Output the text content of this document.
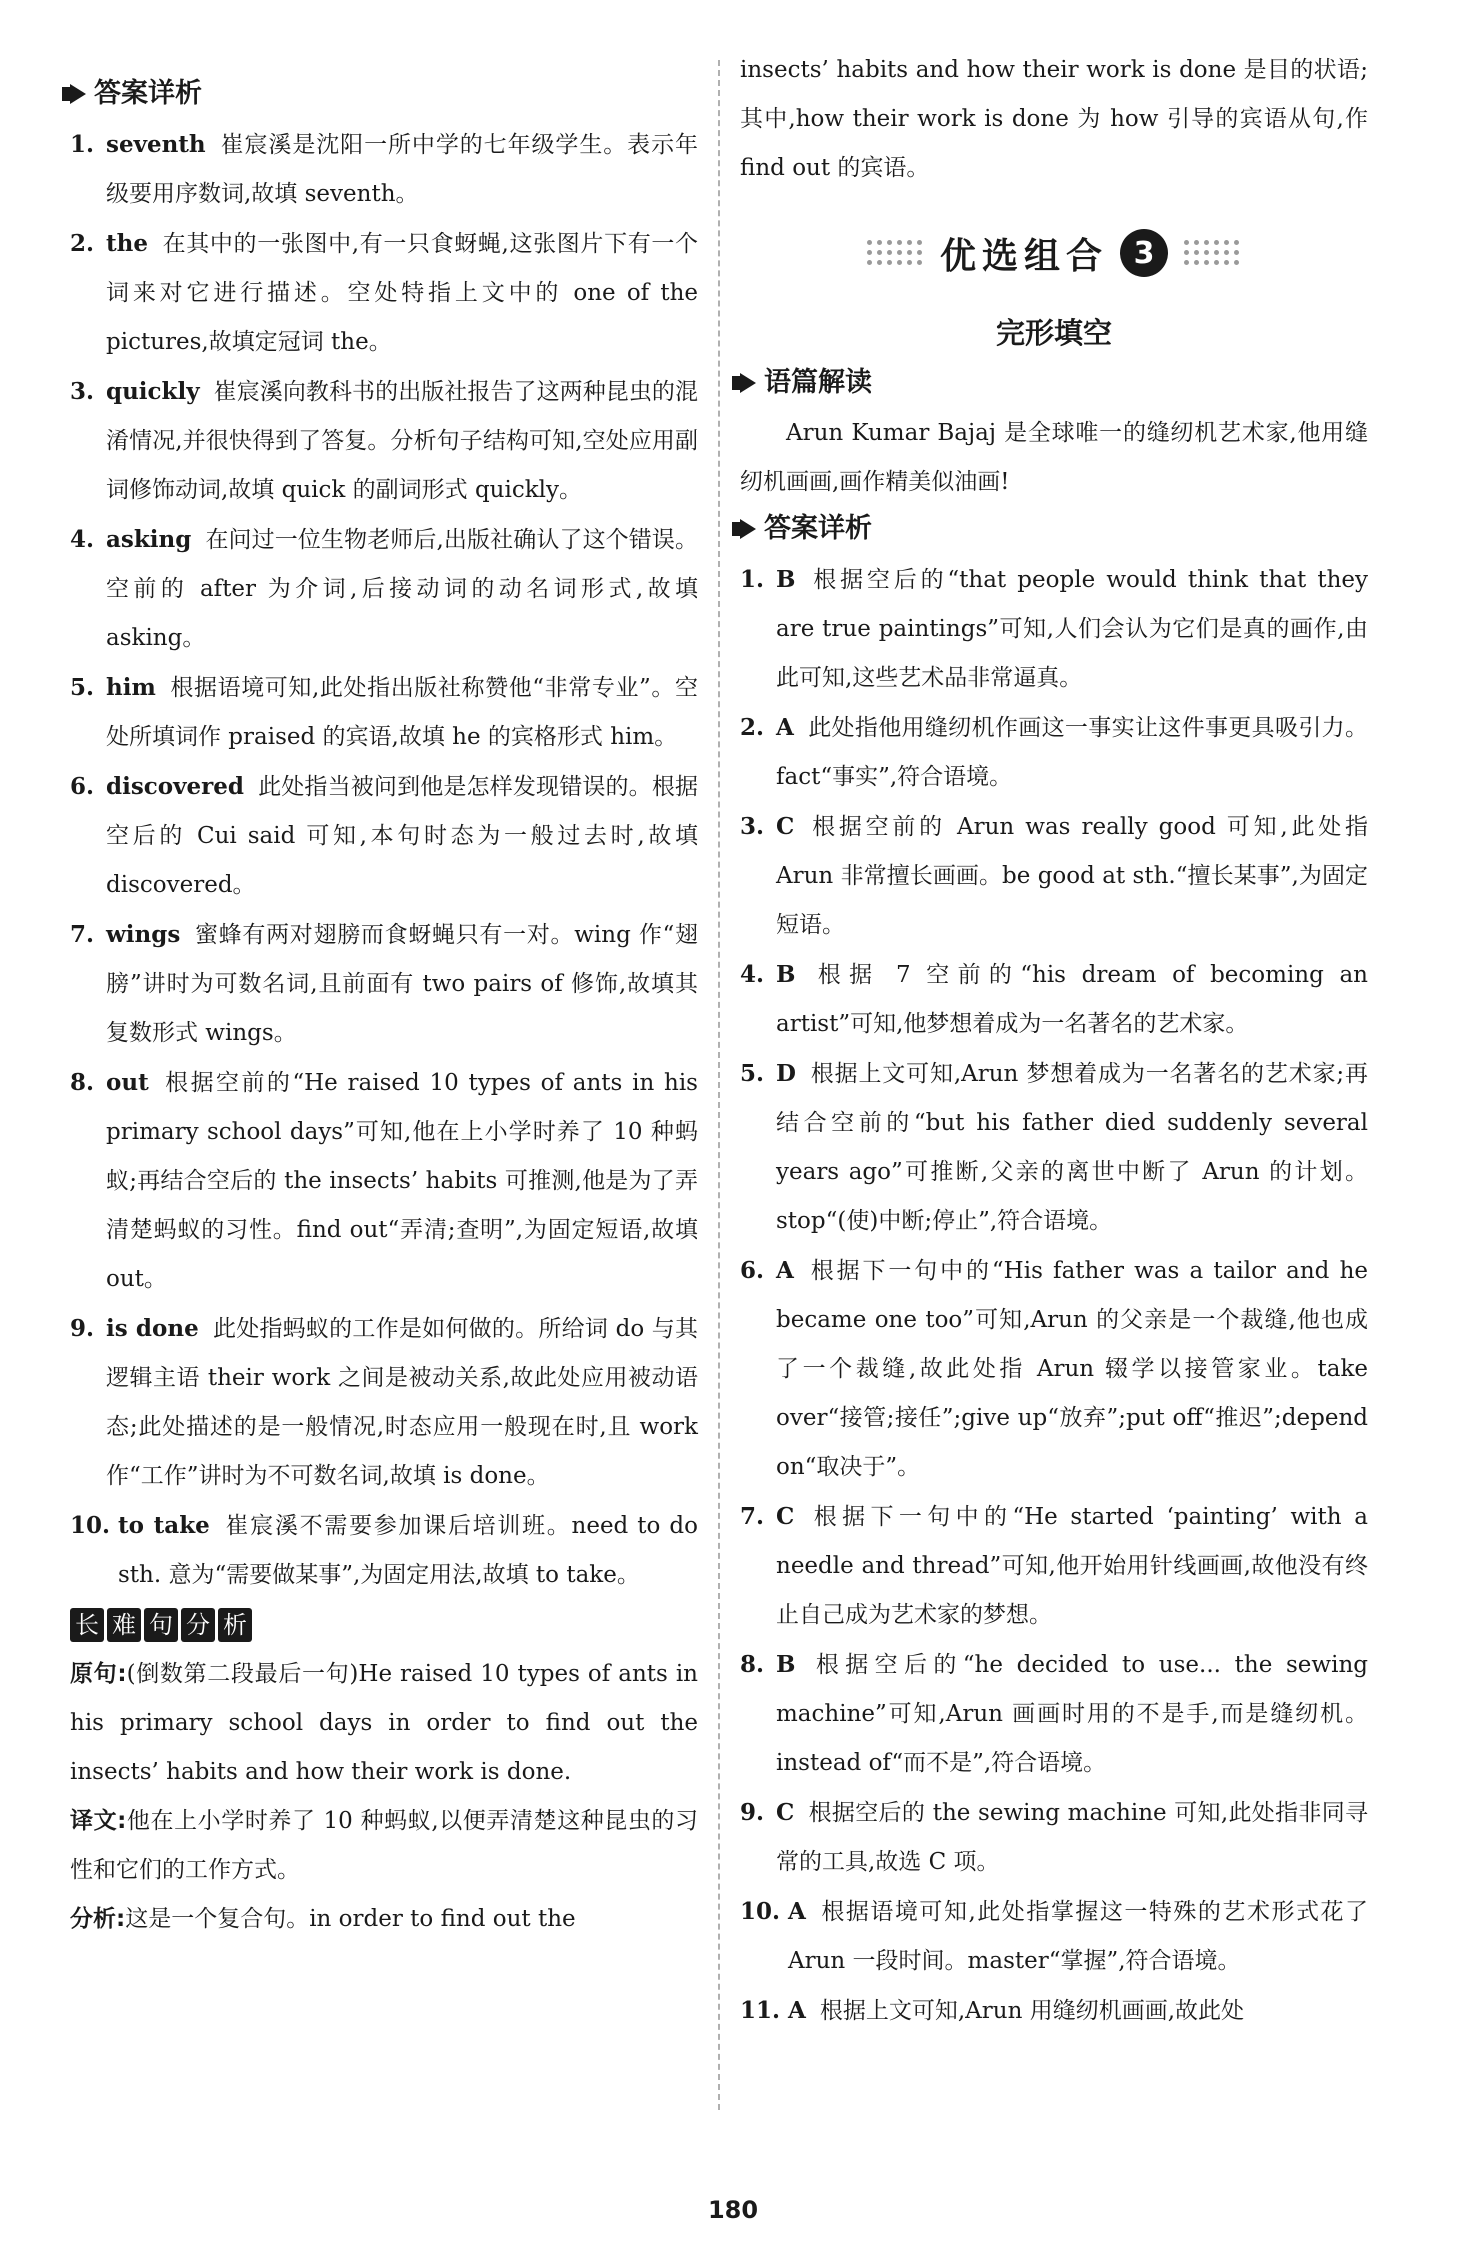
答案详析

1. seventh 崔宸溪是沈阳一所中学的七年级学生。表示年级要用序数词,故填 seventh。

2. the 在其中的一张图中,有一只食蚜蝇,这张图片下有一个词来对它进行描述。空处特指上文中的 one of the pictures,故填定冠词 the。

3. quickly 崔宸溪向教科书的出版社报告了这两种昆虫的混淆情况,并很快得到了答复。分析句子结构可知,空处应用副词修饰动词,故填 quick 的副词形式 quickly。

4. asking 在问过一位生物老师后,出版社确认了这个错误。空前的 after 为介词,后接动词的动名词形式,故填 asking。

5. him 根据语境可知,此处指出版社称赞他“非常专业”。空处所填词作 praised 的宾语,故填 he 的宾格形式 him。

6. discovered 此处指当被问到他是怎样发现错误的。根据空后的 Cui said 可知,本句时态为一般过去时,故填 discovered。

7. wings 蜜蜂有两对翅膀而食蚜蝇只有一对。wing 作“翅膀”讲时为可数名词,且前面有 two pairs of 修饰,故填其复数形式 wings。

8. out 根据空前的“He raised 10 types of ants in his primary school days”可知,他在上小学时养了 10 种蚂蚁;再结合空后的 the insects’ habits 可推测,他是为了弄清楚蚂蚁的习性。find out“弄清;查明”,为固定短语,故填 out。

9. is done 此处指蚂蚁的工作是如何做的。所给词 do 与其逻辑主语 their work 之间是被动关系,故此处应用被动语态;此处描述的是一般情况,时态应用一般现在时,且 work 作“工作”讲时为不可数名词,故填 is done。

10. to take 崔宸溪不需要参加课后培训班。need to do sth. 意为“需要做某事”,为固定用法,故填 to take。

长 难 句 分 析

原句:(倒数第二段最后一句)He raised 10 types of ants in his primary school days in order to find out the insects’ habits and how their work is done.

译文:他在上小学时养了 10 种蚂蚁,以便弄清楚这种昆虫的习性和它们的工作方式。

分析:这是一个复合句。in order to find out the

insects’ habits and how their work is done 是目的状语;其中,how their work is done 为 how 引导的宾语从句,作 find out 的宾语。

优选组合 3
完形填空
语篇解读

Arun Kumar Bajaj 是全球唯一的缝纫机艺术家,他用缝纫机画画,画作精美似油画!

答案详析

1. B 根据空后的“that people would think that they are true paintings”可知,人们会认为它们是真的画作,由此可知,这些艺术品非常逼真。

2. A 此处指他用缝纫机作画这一事实让这件事更具吸引力。fact“事实”,符合语境。

3. C 根据空前的 Arun was really good 可知,此处指 Arun 非常擅长画画。be good at sth.“擅长某事”,为固定短语。

4. B 根据 7 空前的“his dream of becoming an artist”可知,他梦想着成为一名著名的艺术家。

5. D 根据上文可知,Arun 梦想着成为一名著名的艺术家;再结合空前的“but his father died suddenly several years ago”可推断,父亲的离世中断了 Arun 的计划。stop“(使)中断;停止”,符合语境。

6. A 根据下一句中的“His father was a tailor and he became one too”可知,Arun 的父亲是一个裁缝,他也成了一个裁缝,故此处指 Arun 辍学以接管家业。take over“接管;接任”;give up“放弃”;put off“推迟”;depend on“取决于”。

7. C 根据下一句中的“He started ‘painting’ with a needle and thread”可知,他开始用针线画画,故他没有终止自己成为艺术家的梦想。

8. B 根据空后的“he decided to use... the sewing machine”可知,Arun 画画时用的不是手,而是缝纫机。instead of“而不是”,符合语境。

9. C 根据空后的 the sewing machine 可知,此处指非同寻常的工具,故选 C 项。

10. A 根据语境可知,此处指掌握这一特殊的艺术形式花了 Arun 一段时间。master“掌握”,符合语境。

11. A 根据上文可知,Arun 用缝纫机画画,故此处

180
